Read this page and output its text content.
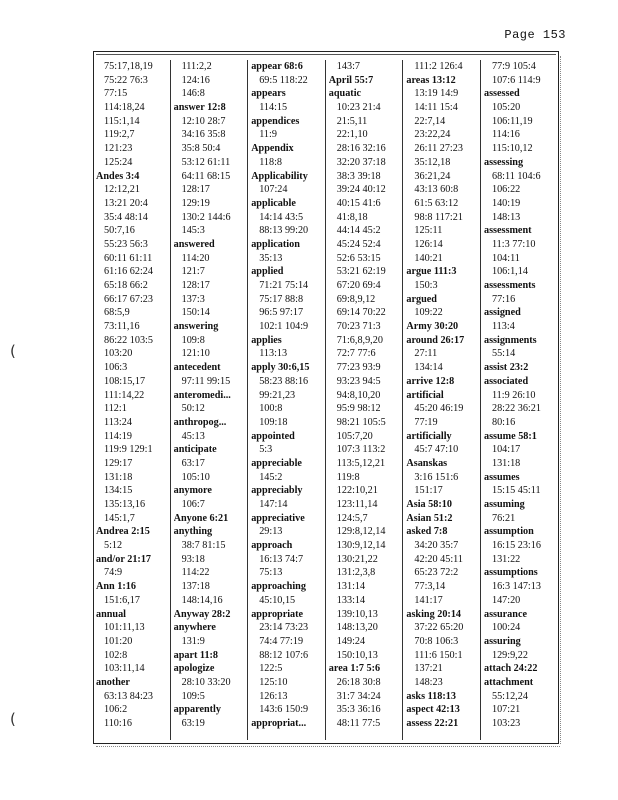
Page 153
(
(
75:17,18,19
75:22 76:3
77:15
114:18,24
115:1,14
119:2,7
121:23
125:24
Andes 3:4
12:12,21
13:21 20:4
35:4 48:14
50:7,16
55:23 56:3
60:11 61:11
61:16 62:24
65:18 66:2
66:17 67:23
68:5,9
73:11,16
86:22 103:5
103:20
106:3
108:15,17
111:14,22
112:1
113:24
114:19
119:9 129:1
129:17
131:18
134:15
135:13,16
145:1,7
Andrea 2:15
5:12
and/or 21:17
74:9
Ann 1:16
151:6,17
annual
101:11,13
101:20
102:8
103:11,14
another
63:13 84:23
106:2
110:16
111:2,2
124:16
146:8
answer 12:8
12:10 28:7
34:16 35:8
35:8 50:4
53:12 61:11
64:11 68:15
128:17
129:19
130:2 144:6
145:3
answered
114:20
121:7
128:17
137:3
150:14
answering
109:8
121:10
antecedent
97:11 99:15
anteromedi...
50:12
anthropog...
45:13
anticipate
63:17
105:10
anymore
106:7
Anyone 6:21
anything
38:7 81:15
93:18
114:22
137:18
148:14,16
Anyway 28:2
anywhere
131:9
apart 11:8
apologize
28:10 33:20
109:5
apparently
63:19
appear 68:6
69:5 118:22
appears
114:15
appendices
11:9
Appendix
118:8
Applicability
107:24
applicable
14:14 43:5
88:13 99:20
application
35:13
applied
71:21 75:14
75:17 88:8
96:5 97:17
102:1 104:9
applies
113:13
apply 30:6,15
58:23 88:16
99:21,23
100:8
109:18
appointed
5:3
appreciable
145:2
appreciably
147:14
appreciative
29:13
approach
16:13 74:7
75:13
approaching
45:10,15
appropriate
23:14 73:23
74:4 77:19
88:12 107:6
122:5
125:10
126:13
143:6 150:9
appropriat...
143:7
April 55:7
aquatic
10:23 21:4
21:5,11
22:1,10
28:16 32:16
32:20 37:18
38:3 39:18
39:24 40:12
40:15 41:6
41:8,18
44:14 45:2
45:24 52:4
52:6 53:15
53:21 62:19
67:20 69:4
69:8,9,12
69:14 70:22
70:23 71:3
71:6,8,9,20
72:7 77:6
77:23 93:9
93:23 94:5
94:8,10,20
95:9 98:12
98:21 105:5
105:7,20
107:3 113:2
113:5,12,21
119:8
122:10,21
123:11,14
124:5,7
129:8,12,14
130:9,12,14
130:21,22
131:2,3,8
131:14
133:14
139:10,13
148:13,20
149:24
150:10,13
area 1:7 5:6
26:18 30:8
31:7 34:24
35:3 36:16
48:11 77:5
111:2 126:4
areas 13:12
13:19 14:9
14:11 15:4
22:7,14
23:22,24
26:11 27:23
35:12,18
36:21,24
43:13 60:8
61:5 63:12
98:8 117:21
125:11
126:14
140:21
argue 111:3
150:3
argued
109:22
Army 30:20
around 26:17
27:11
134:14
arrive 12:8
artificial
45:20 46:19
77:19
artificially
45:7 47:10
Asanskas
3:16 151:6
151:17
Asia 58:10
Asian 51:2
asked 7:8
34:20 35:7
42:20 45:11
65:23 72:2
77:3,14
141:17
asking 20:14
37:22 65:20
70:8 106:3
111:6 150:1
137:21
148:23
asks 118:13
aspect 42:13
assess 22:21
77:9 105:4
107:6 114:9
assessed
105:20
106:11,19
114:16
115:10,12
assessing
68:11 104:6
106:22
140:19
148:13
assessment
11:3 77:10
104:11
106:1,14
assessments
77:16
assigned
113:4
assignments
55:14
assist 23:2
associated
11:9 26:10
28:22 36:21
80:16
assume 58:1
104:17
131:18
assumes
15:15 45:11
assuming
76:21
assumption
16:15 23:16
131:22
assumptions
16:3 147:13
147:20
assurance
100:24
assuring
129:9,22
attach 24:22
attachment
55:12,24
107:21
103:23
